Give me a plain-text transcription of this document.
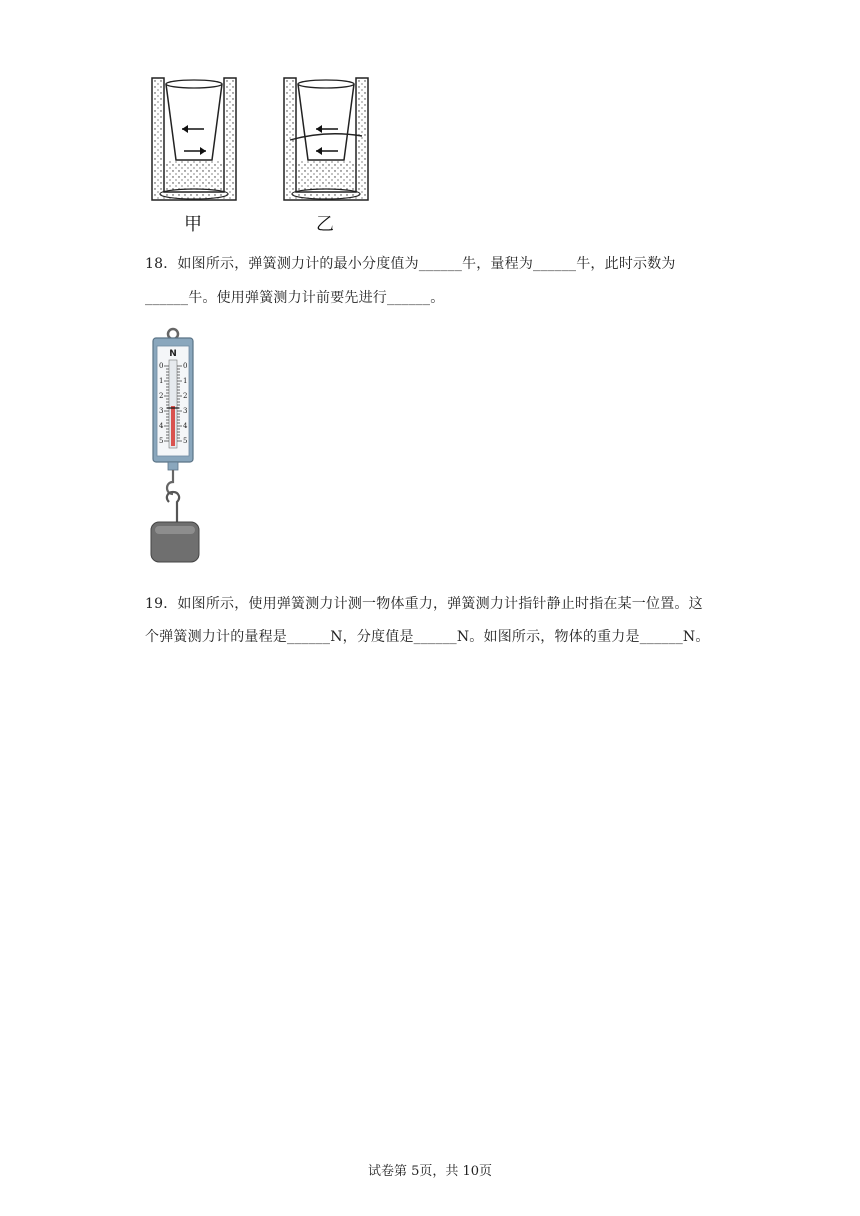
甲	乙
18．如图所示，弹簧测力计的最小分度值为______牛，量程为______牛，此时示数为
______牛。使用弹簧测力计前要先进行______。
N
0
1
2
3
4
5
0
1
2
3
4
5
19．如图所示，使用弹簧测力计测一物体重力，弹簧测力计指针静止时指在某一位置。这
个弹簧测力计的量程是______N，分度值是______N。如图所示，物体的重力是______N。
试卷第 5页，共 10页
